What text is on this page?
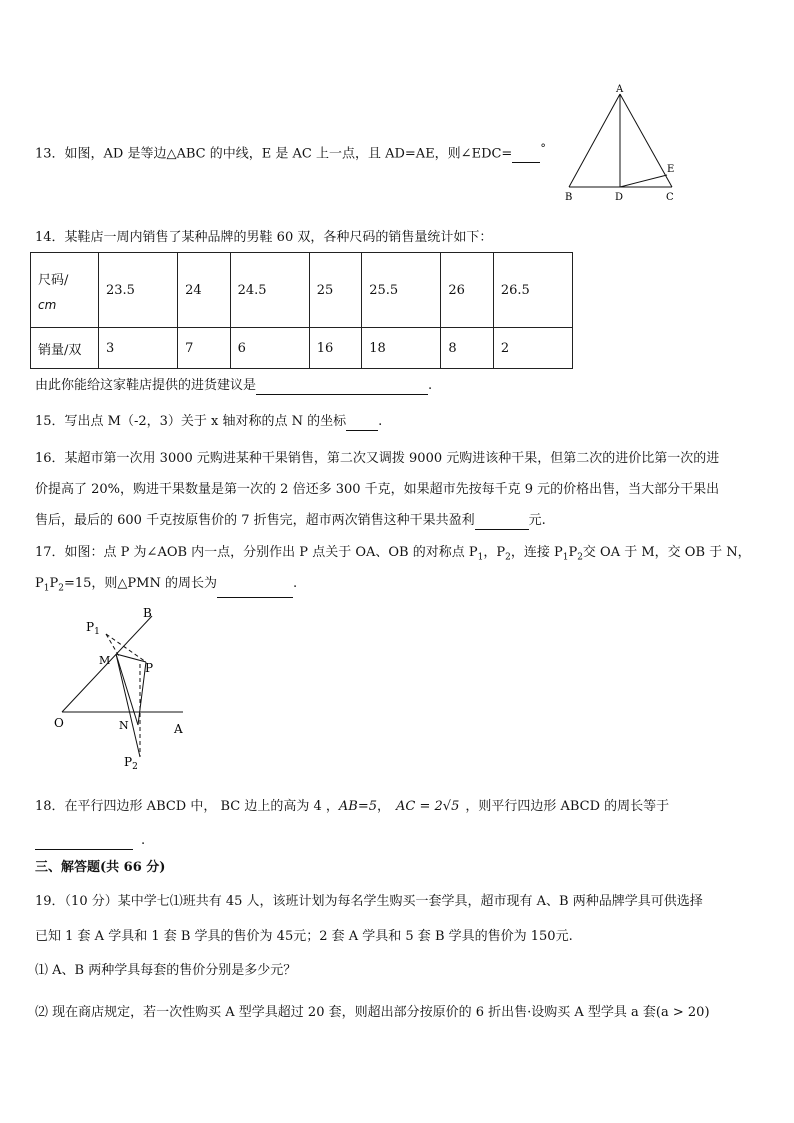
13．如图，AD 是等边△ABC 的中线，E 是 AC 上一点，且 AD=AE，则∠EDC=	°
A
B	D	C
E
14．某鞋店一周内销售了某种品牌的男鞋 60 双，各种尺码的销售量统计如下：
尺码/
cm	23.5	24	24.5	25	25.5	26	26.5
销量/双	3	7	6	16	18	8	2
由此你能给这家鞋店提供的进货建议是	.
15．写出点 M（-2，3）关于 x 轴对称的点 N 的坐标 .
16．某超市第一次用 3000 元购进某种干果销售，第二次又调拨 9000 元购进该种干果，但第二次的进价比第一次的进
价提高了 20%，购进干果数量是第一次的 2 倍还多 300 千克，如果超市先按每千克 9 元的价格出售，当大部分干果出
售后，最后的 600 千克按原售价的 7 折售完，超市两次销售这种干果共盈利	元.
17．如图：点 P 为∠AOB 内一点，分别作出 P 点关于 OA、OB 的对称点 $P_1$，$P_2$，连接 $P_1P_2$交 OA 于 M，交 OB 于 N，
$P_1P_2=15$，则△PMN 的周长为	.
B
$P_1$
M
P
O	N	A
$P_2$
18．在平行四边形 ABCD 中， BC 边上的高为 4 ，AB=5， AC = 2√5 ，则平行四边形 ABCD 的周长等于
.
三、解答题(共 66 分)
19．（10 分）某中学七⑴班共有 45 人，该班计划为每名学生购买一套学具，超市现有 A、B 两种品牌学具可供选择
已知 1 套 A 学具和 1 套 B 学具的售价为 45元；2 套 A 学具和 5 套 B 学具的售价为 150元.
⑴ A、B 两种学具每套的售价分别是多少元？
⑵ 现在商店规定，若一次性购买 A 型学具超过 20 套，则超出部分按原价的 6 折出售·设购买 A 型学具 a 套(a > 20)
